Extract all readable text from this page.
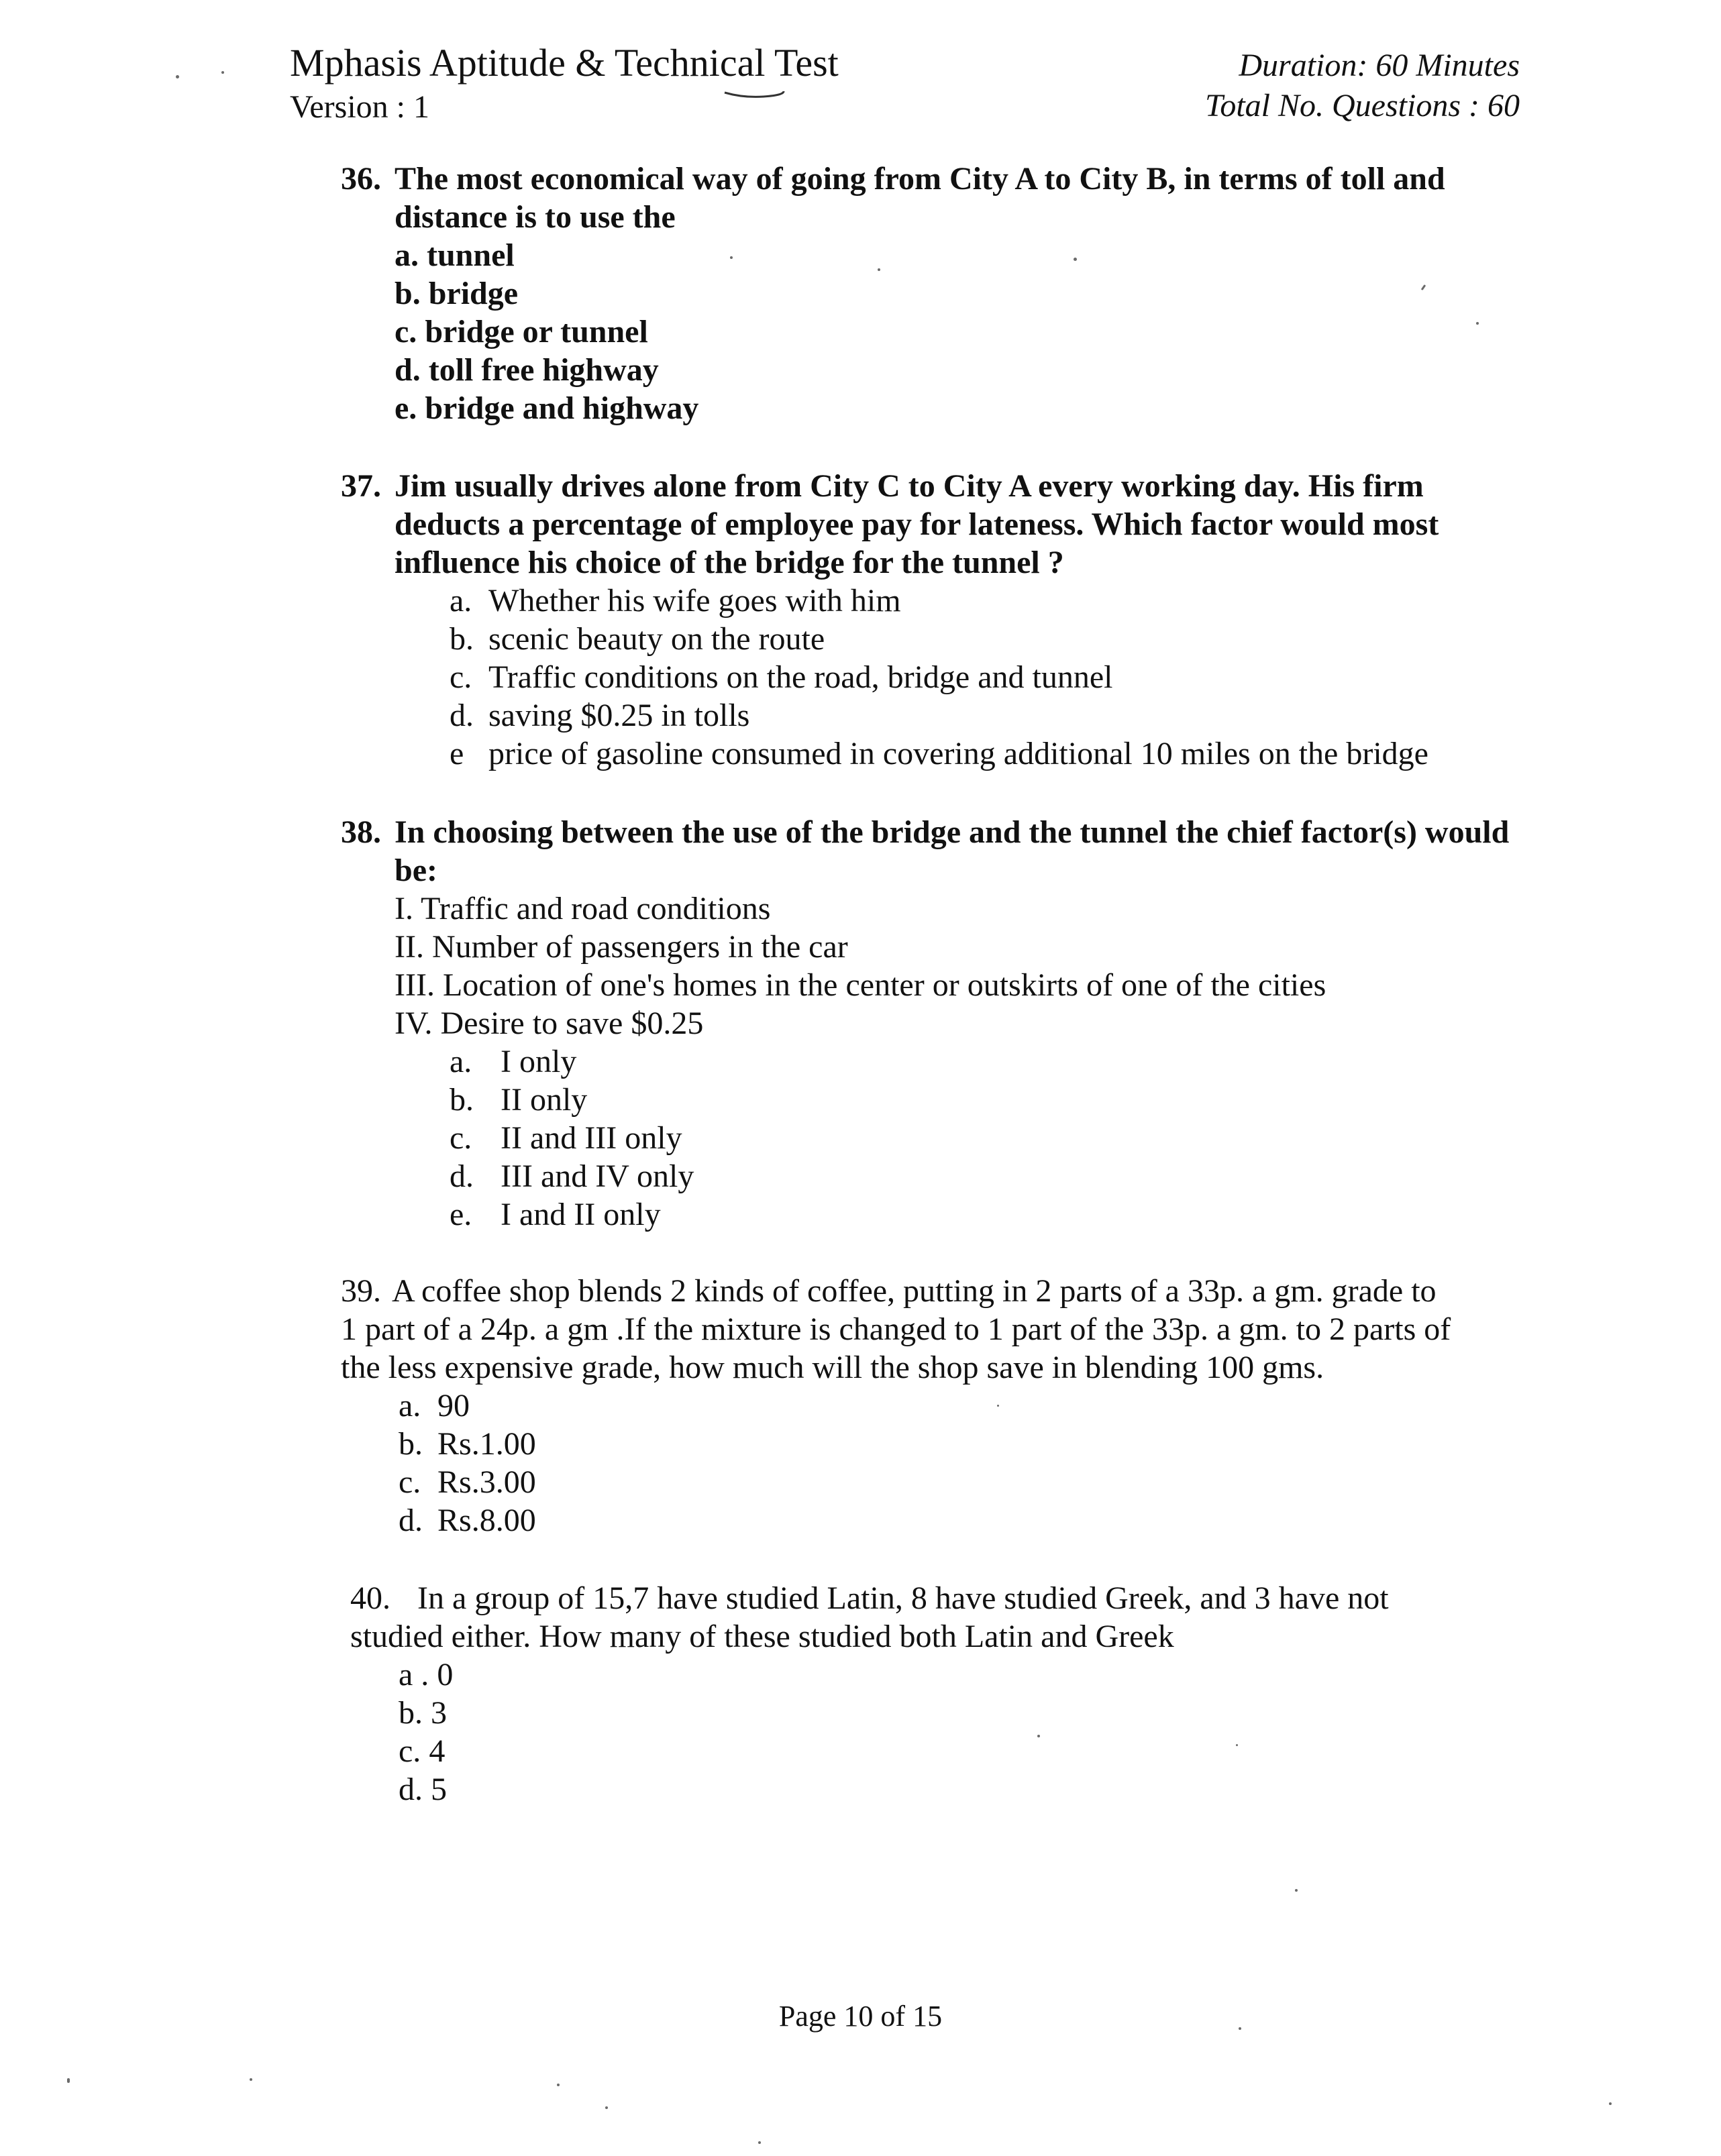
Mphasis Aptitude & Technical Test
Version : 1
Duration: 60 Minutes
Total No. Questions : 60
36. The most economical way of going from City A to City B, in terms of toll and
distance is to use the
a.
tunnel
b.
bridge
c.
bridge or tunnel
d.
toll free highway
e.
bridge and highway
37. Jim usually drives alone from City C to City A every working day. His firm
deducts a percentage of employee pay for lateness. Which factor would most
influence his choice of the bridge for the tunnel ?
a. Whether his wife goes with him
b. scenic beauty on the route
c. Traffic conditions on the road, bridge and tunnel
d. saving $0.25 in tolls
e price of gasoline consumed in covering additional 10 miles on the bridge
38. In choosing between the use of the bridge and the tunnel the chief factor(s) would
be:
I. Traffic and road conditions
II. Number of passengers in the car
III. Location of one's homes in the center or outskirts of one of the cities
IV. Desire to save $0.25
a. I only
b. II only
c. II and III only
d. III and IV only
e. I and II only
39. A coffee shop blends 2 kinds of coffee, putting in 2 parts of a 33p. a gm. grade to
1 part of a 24p. a gm .If the mixture is changed to 1 part of the 33p. a gm. to 2 parts of
the less expensive grade, how much will the shop save in blending 100 gms.
a. 90
b. Rs.1.00
c. Rs.3.00
d. Rs.8.00
40. In a group of 15,7 have studied Latin, 8 have studied Greek, and 3 have not
studied either. How many of these studied both Latin and Greek
a .
0
b.
3
c.
4
d.
5
Page 10 of 15
